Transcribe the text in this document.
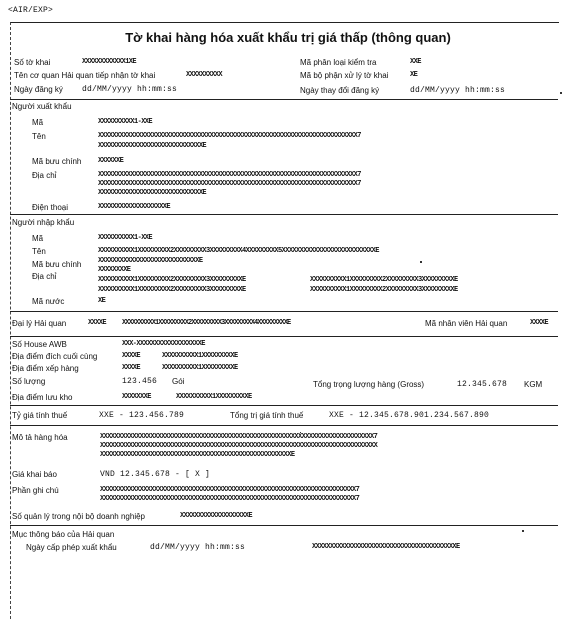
<AIR/EXP>
Tờ khai hàng hóa xuất khẩu trị giá thấp (thông quan)
Số tờ khai	XXXXXXXXXXXX1XE
Tên cơ quan Hải quan tiếp nhận tờ khai	XXXXXXXXXX
Ngày đăng ký dd/MM/yyyy hh:mm:ss
Mã phân loại kiểm tra	XXE
Mã bộ phận xử lý tờ khai	XE
Ngày thay đổi đăng ký	dd/MM/yyyy hh:mm:ss
Người xuất khẩu
Mã	XXXXXXXXXX1-XXE
Tên	XXXXXXXXXXXXXXXXXXXXXXXXXXXXXXXXXXXXXXXXXXXXXXXXXXXXXXXXXXXXXXXXXXXXXXXX7
XXXXXXXXXXXXXXXXXXXXXXXXXXXXXE
Mã bưu chính XXXXXXE
Địa chỉ	XXXXXXXXXXXXXXXXXXXXXXXXXXXXXXXXXXXXXXXXXXXXXXXXXXXXXXXXXXXXXXXXXXXXXXXX7
XXXXXXXXXXXXXXXXXXXXXXXXXXXXXXXXXXXXXXXXXXXXXXXXXXXXXXXXXXXXXXXXXXXXXXXX7
XXXXXXXXXXXXXXXXXXXXXXXXXXXXXE
Điện thoại	XXXXXXXXXXXXXXXXXXXE
Người nhập khẩu
Mã	XXXXXXXXXX1-XXE
Tên	XXXXXXXXXX1XXXXXXXXX2XXXXXXXXX3XXXXXXXXX4XXXXXXXXX5XXXXXXXXXXXXXXXXXXXXXXXXXXE
XXXXXXXXXXXXXXXXXXXXXXXXXXXXE
Mã bưu chính
XXXXXXXXE
Địa chỉ	XXXXXXXXXX1XXXXXXXXX2XXXXXXXXX3XXXXXXXXXE	XXXXXXXXXX1XXXXXXXXX2XXXXXXXXX3XXXXXXXXXE
XXXXXXXXXX1XXXXXXXXX2XXXXXXXXX3XXXXXXXXXE	XXXXXXXXXX1XXXXXXXXX2XXXXXXXXX3XXXXXXXXXE
Mã nước	XE
Đại lý Hải quan	XXXXE XXXXXXXXXX1XXXXXXXXX2XXXXXXXXX3XXXXXXXXX4XXXXXXXXXE	Mã nhân viên Hải quan	XXXXE
Số House AWB	XXX-XXXXXXXXXXXXXXXXXXE
Địa điểm đích cuối cùng	XXXXE	XXXXXXXXXX1XXXXXXXXXE
Địa điểm xếp hàng	XXXXE	XXXXXXXXXX1XXXXXXXXXE
Số lượng	123.456 Gói	Tổng trọng lượng hàng (Gross)	12.345.678 KGM
Địa điểm lưu kho	XXXXXXXE	XXXXXXXXXX1XXXXXXXXXE
Tỷ giá tính thuế	XXE - 123.456.789	Tổng trị giá tính thuế	XXE - 12.345.678.901.234.567.890
Mô tả hàng hóa	XXXXXXXXXXXXXXXXXXXXXXXXXXXXXXXXXXXXXXXXXXXXXXXXXXXXXXXXXXXXXXXXXXXXXXXXXXXX7
XXXXXXXXXXXXXXXXXXXXXXXXXXXXXXXXXXXXXXXXXXXXXXXXXXXXXXXXXXXXXXXXXXXXXXXXXXXXX
XXXXXXXXXXXXXXXXXXXXXXXXXXXXXXXXXXXXXXXXXXXXXXXXXXXXXE
Giá khai báo	VND 12.345.678 - [ X ]
Phần ghi chú	XXXXXXXXXXXXXXXXXXXXXXXXXXXXXXXXXXXXXXXXXXXXXXXXXXXXXXXXXXXXXXXXXXXXXXX7
XXXXXXXXXXXXXXXXXXXXXXXXXXXXXXXXXXXXXXXXXXXXXXXXXXXXXXXXXXXXXXXXXXXXXXX7
Số quản lý trong nội bộ doanh nghiệp	XXXXXXXXXXXXXXXXXXXE
Mục thông báo của Hải quan
Ngày cấp phép xuất khẩu	dd/MM/yyyy hh:mm:ss	XXXXXXXXXXXXXXXXXXXXXXXXXXXXXXXXXXXXXXXXE
